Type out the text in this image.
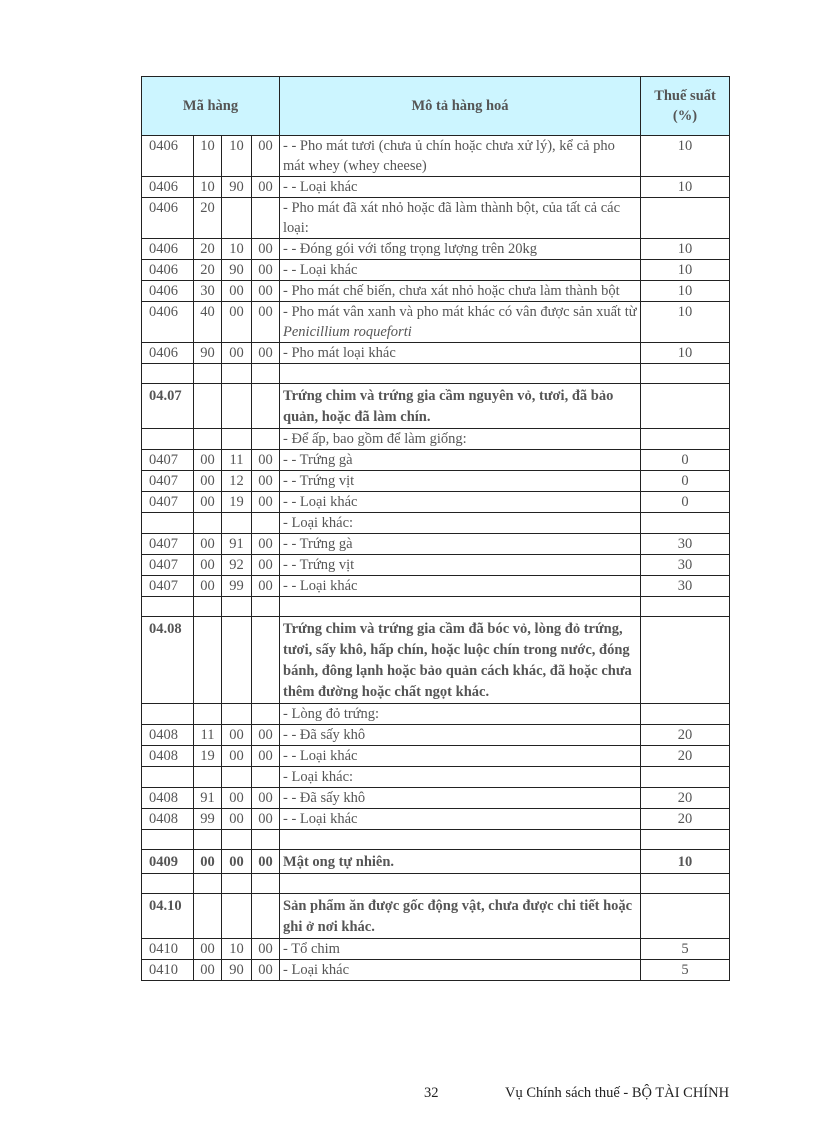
Mã hàng				Mô tả hàng hoá	Thuế suất (%)
0406	10	10	00	- - Pho mát tươi (chưa ủ chín hoặc chưa xử lý), kể cả pho mát whey (whey cheese)	10
0406	10	90	00	- - Loại khác	10
0406	20			- Pho mát đã xát nhỏ hoặc đã làm thành bột, của tất cả các loại:	
0406	20	10	00	- - Đóng gói với tổng trọng lượng trên 20kg	10
0406	20	90	00	- - Loại khác	10
0406	30	00	00	- Pho mát chế biến, chưa xát nhỏ hoặc chưa làm thành bột	10
0406	40	00	00	- Pho mát vân xanh và pho mát khác có vân được sản xuất từ Penicillium roqueforti	10
0406	90	00	00	- Pho mát loại khác	10

04.07				Trứng chim và trứng gia cầm nguyên vỏ, tươi, đã bảo quản, hoặc đã làm chín.	
				- Để ấp, bao gồm để làm giống:	
0407	00	11	00	- - Trứng gà	0
0407	00	12	00	- - Trứng vịt	0
0407	00	19	00	- - Loại khác	0
				- Loại khác:	
0407	00	91	00	- - Trứng gà	30
0407	00	92	00	- - Trứng vịt	30
0407	00	99	00	- - Loại khác	30

04.08				Trứng chim và trứng gia cầm đã bóc vỏ, lòng đỏ trứng, tươi, sấy khô, hấp chín, hoặc luộc chín trong nước, đóng bánh, đông lạnh hoặc bảo quản cách khác, đã hoặc chưa thêm đường hoặc chất ngọt khác.	
				- Lòng đỏ trứng:	
0408	11	00	00	- - Đã sấy khô	20
0408	19	00	00	- - Loại khác	20
				- Loại khác:	
0408	91	00	00	- - Đã sấy khô	20
0408	99	00	00	- - Loại khác	20

0409	00	00	00	Mật ong tự nhiên.	10

04.10				Sản phẩm ăn được gốc động vật, chưa được chi tiết hoặc ghi ở nơi khác.	
0410	00	10	00	- Tổ chim	5
0410	00	90	00	- Loại khác	5
32	Vụ Chính sách thuế - BỘ TÀI CHÍNH
